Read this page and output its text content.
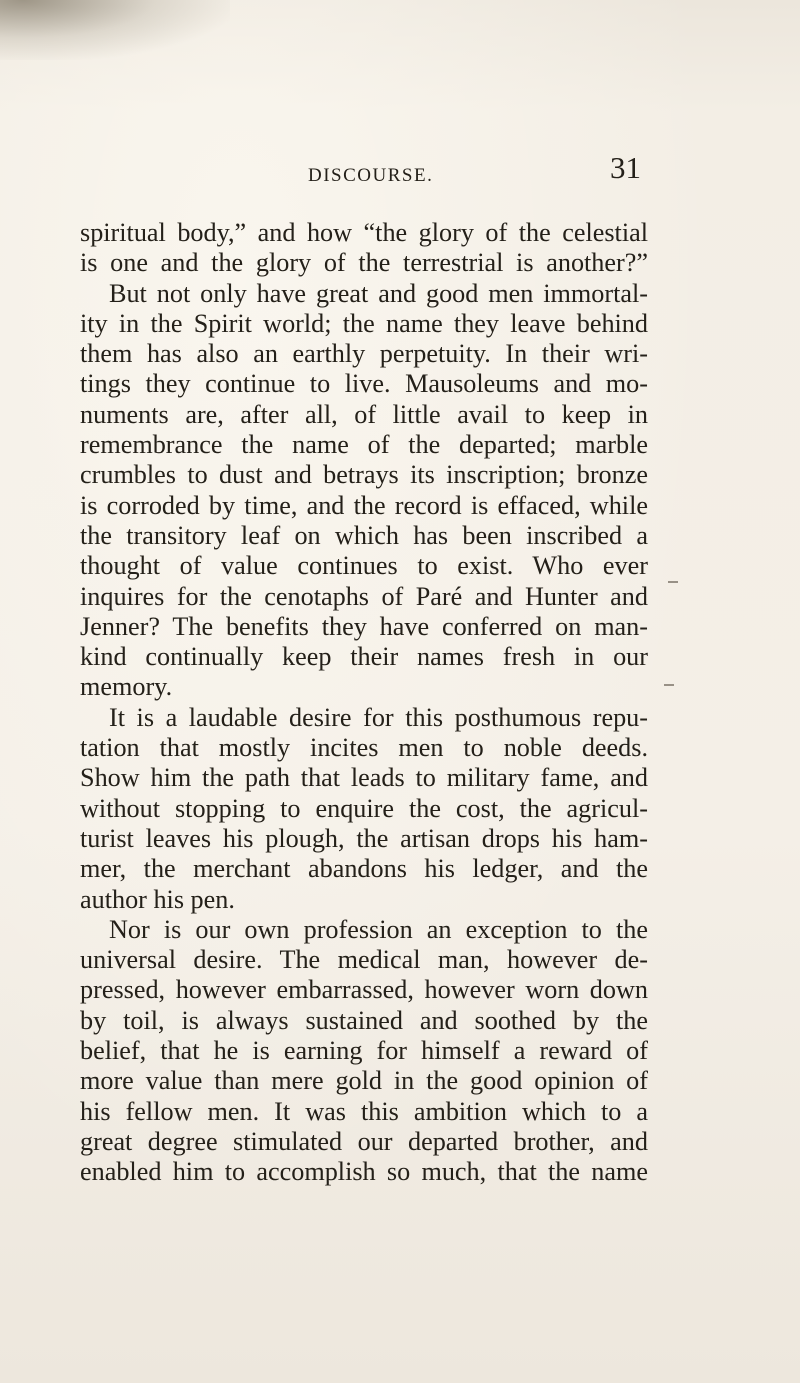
DISCOURSE.	31
spiritual body,” and how “the glory of the celestial
is one and the glory of the terrestrial is another?”
But not only have great and good men immortal-
ity in the Spirit world; the name they leave behind
them has also an earthly perpetuity. In their wri-
tings they continue to live. Mausoleums and mo-
numents are, after all, of little avail to keep in
remembrance the name of the departed; marble
crumbles to dust and betrays its inscription; bronze
is corroded by time, and the record is effaced, while
the transitory leaf on which has been inscribed a
thought of value continues to exist. Who ever
inquires for the cenotaphs of Paré and Hunter and
Jenner? The benefits they have conferred on man-
kind continually keep their names fresh in our
memory.
It is a laudable desire for this posthumous repu-
tation that mostly incites men to noble deeds.
Show him the path that leads to military fame, and
without stopping to enquire the cost, the agricul-
turist leaves his plough, the artisan drops his ham-
mer, the merchant abandons his ledger, and the
author his pen.
Nor is our own profession an exception to the
universal desire. The medical man, however de-
pressed, however embarrassed, however worn down
by toil, is always sustained and soothed by the
belief, that he is earning for himself a reward of
more value than mere gold in the good opinion of
his fellow men. It was this ambition which to a
great degree stimulated our departed brother, and
enabled him to accomplish so much, that the name
